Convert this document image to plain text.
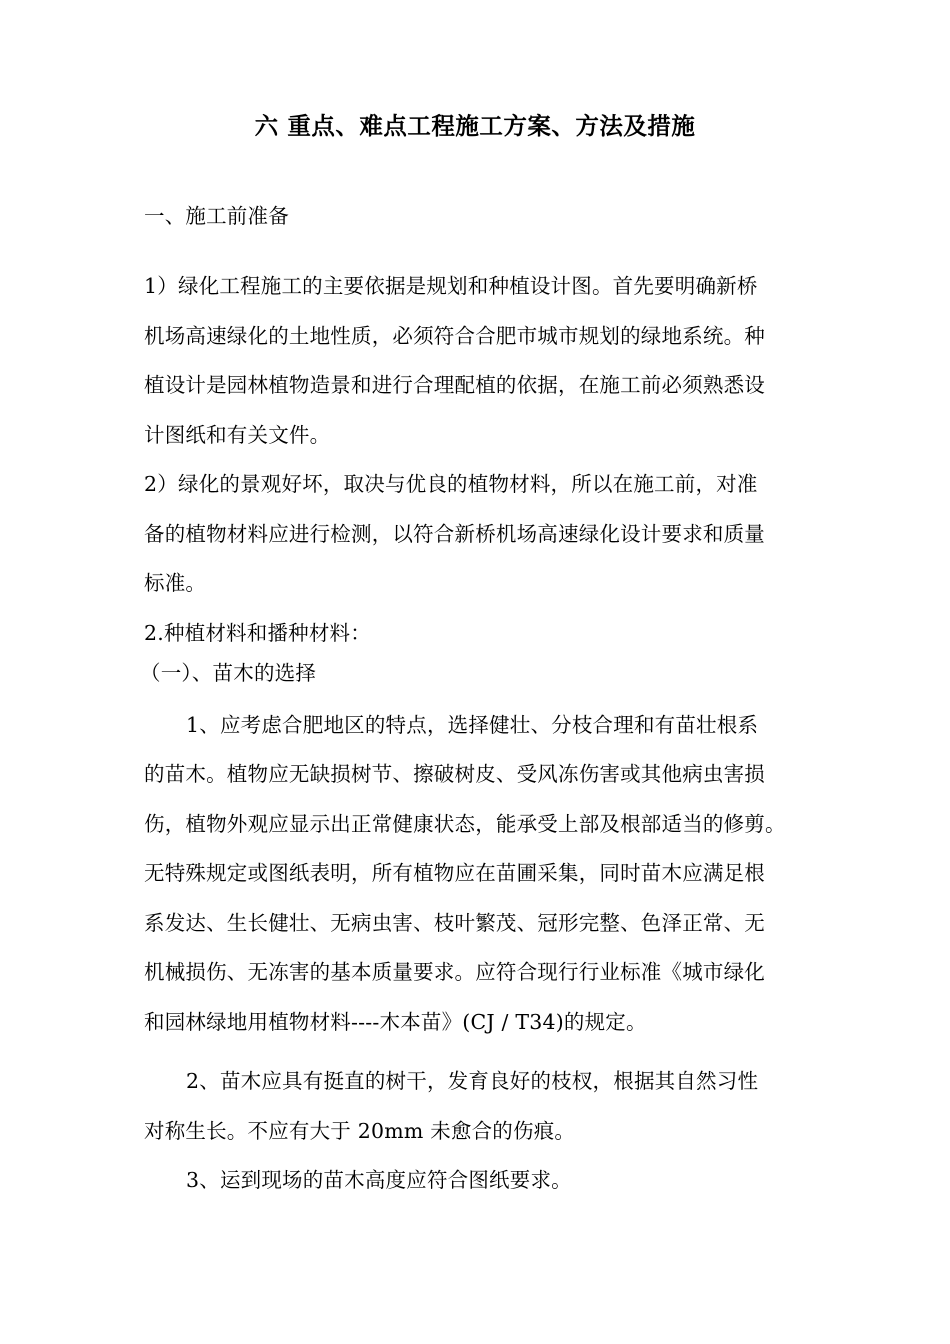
六 重点、难点工程施工方案、方法及措施
一、施工前准备
1）绿化工程施工的主要依据是规划和种植设计图。首先要明确新桥
机场高速绿化的土地性质，必须符合合肥市城市规划的绿地系统。种
植设计是园林植物造景和进行合理配植的依据，在施工前必须熟悉设
计图纸和有关文件。
2）绿化的景观好坏，取决与优良的植物材料，所以在施工前，对准
备的植物材料应进行检测，以符合新桥机场高速绿化设计要求和质量
标准。
2.种植材料和播种材料：
（一）、苗木的选择
1、应考虑合肥地区的特点，选择健壮、分枝合理和有苗壮根系
的苗木。植物应无缺损树节、擦破树皮、受风冻伤害或其他病虫害损
伤，植物外观应显示出正常健康状态，能承受上部及根部适当的修剪。
无特殊规定或图纸表明，所有植物应在苗圃采集，同时苗木应满足根
系发达、生长健壮、无病虫害、枝叶繁茂、冠形完整、色泽正常、无
机械损伤、无冻害的基本质量要求。应符合现行行业标准《城市绿化
和园林绿地用植物材料----木本苗》(CJ / T34)的规定。
2、苗木应具有挺直的树干，发育良好的枝杈，根据其自然习性
对称生长。不应有大于 20mm 未愈合的伤痕。
3、运到现场的苗木高度应符合图纸要求。
